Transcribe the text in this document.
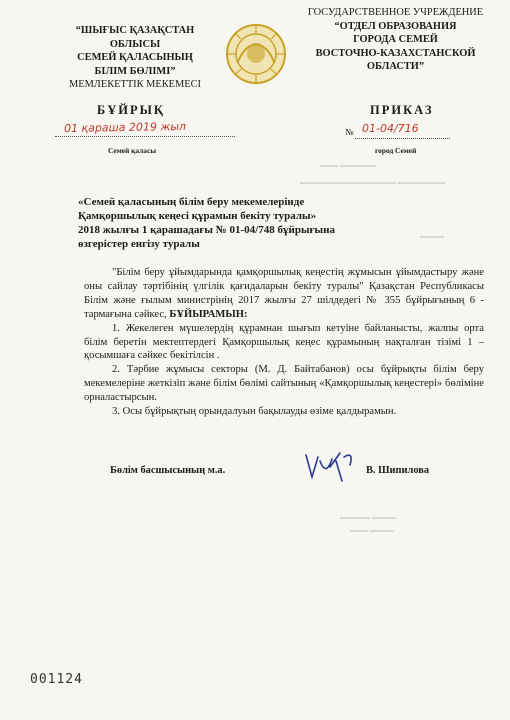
“ШЫҒЫС ҚАЗАҚСТАН
ОБЛЫСЫ
СЕМЕЙ ҚАЛАСЫНЫҢ
БІЛІМ БӨЛІМІ”
МЕМЛЕКЕТТІК МЕКЕМЕСІ
ГОСУДАРСТВЕННОЕ УЧРЕЖДЕНИЕ
“ОТДЕЛ ОБРАЗОВАНИЯ
ГОРОДА СЕМЕЙ
ВОСТОЧНО-КАЗАХСТАНСКОЙ
ОБЛАСТИ”
БҰЙРЫҚ	ПРИКАЗ
01 қараша 2019 жыл	№ 01-04/716
Семей қаласы	город Семей
▬▬▬ ▬▬▬▬▬▬
▬▬▬▬▬▬▬▬▬▬▬▬▬▬▬▬ ▬▬▬▬▬▬▬▬
▬▬▬▬
«Семей қаласының білім беру мекемелерінде
Қамқоршылық кеңесі құрамын бекіту туралы»
2018 жылғы 1 қарашадағы № 01-04/748 бұйрығына
өзгерістер енгізу туралы

"Білім беру ұйымдарында қамқоршылық кеңестің жұмысын ұйымдастыру және оны сайлау тәртібінің үлгілік қағидаларын бекіту туралы" Қазақстан Республикасы Білім және ғылым министрінің 2017 жылғы 27 шілдедегі № 355 бұйрығының 6 - тармағына сәйкес, БҰЙЫРАМЫН:

1. Жекелеген мүшелердің құрамнан шығып кетуіне байланысты, жалпы орта білім беретін мектептердегі Қамқоршылық кеңес құрамының нақталған тізімі 1 – қосымшаға сәйкес бекітілсін .

2. Тәрбие жұмысы секторы (М. Д. Байтабанов) осы бұйрықты білім беру мекемелеріне жеткізіп және білім бөлімі сайтының «Қамқоршылық кеңестері» бөліміне орналастырсын.

3. Осы бұйрықтың орындалуын бақылауды өзіме қалдырамын.

Бөлім басшысының м.а.	В. Шипилова
▬▬▬▬▬ ▬▬▬▬
▬▬▬ ▬▬▬▬
001124
